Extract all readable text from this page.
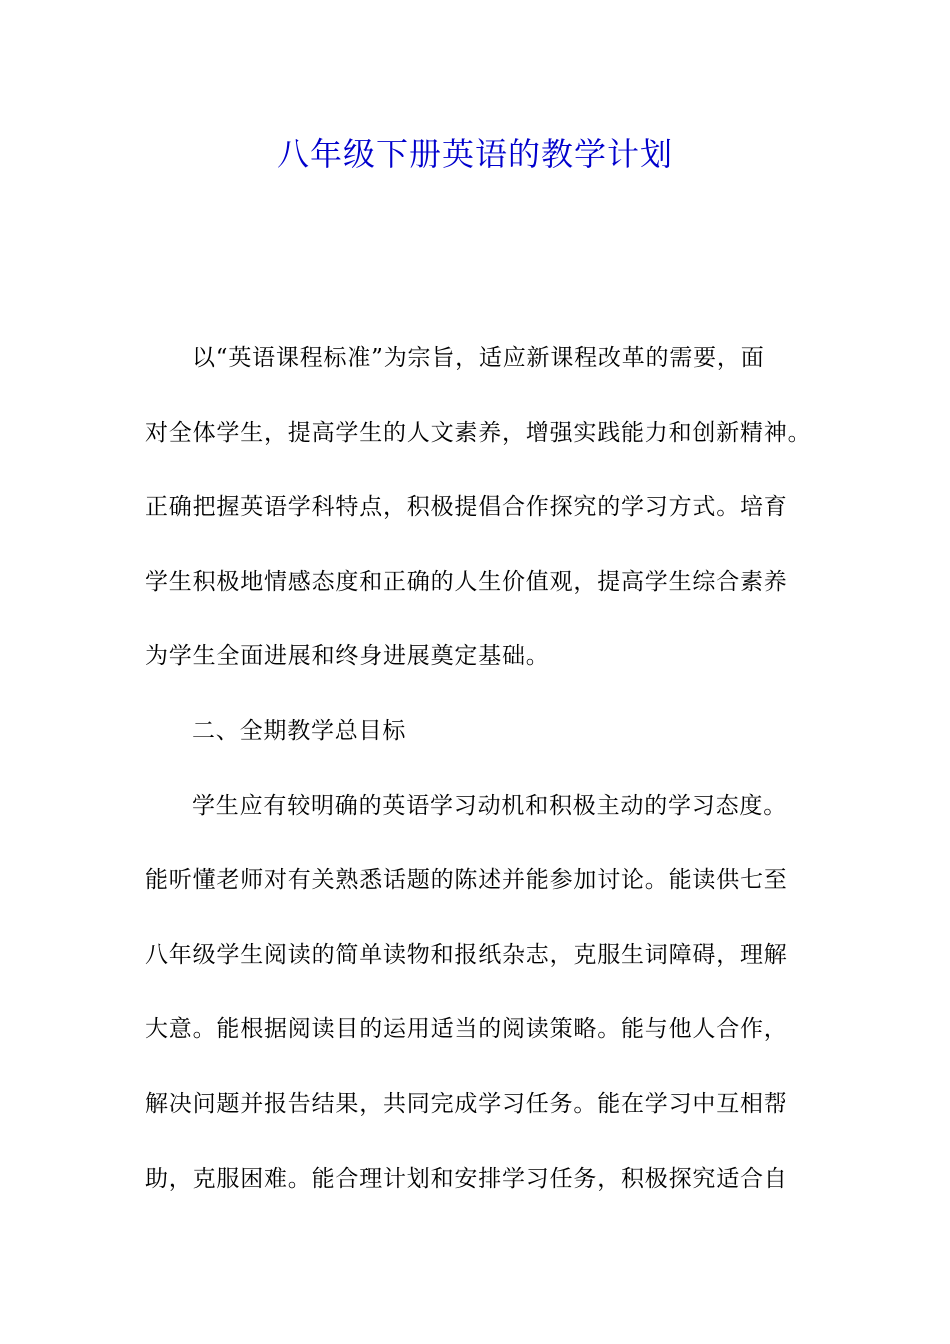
八年级下册英语的教学计划
以“英语课程标准”为宗旨，适应新课程改革的需要，面
对全体学生，提高学生的人文素养，增强实践能力和创新精神。
正确把握英语学科特点，积极提倡合作探究的学习方式。培育
学生积极地情感态度和正确的人生价值观，提高学生综合素养
为学生全面进展和终身进展奠定基础。
二、全期教学总目标
学生应有较明确的英语学习动机和积极主动的学习态度。
能听懂老师对有关熟悉话题的陈述并能参加讨论。能读供七至
八年级学生阅读的简单读物和报纸杂志，克服生词障碍，理解
大意。能根据阅读目的运用适当的阅读策略。能与他人合作，
解决问题并报告结果，共同完成学习任务。能在学习中互相帮
助，克服困难。能合理计划和安排学习任务，积极探究适合自
